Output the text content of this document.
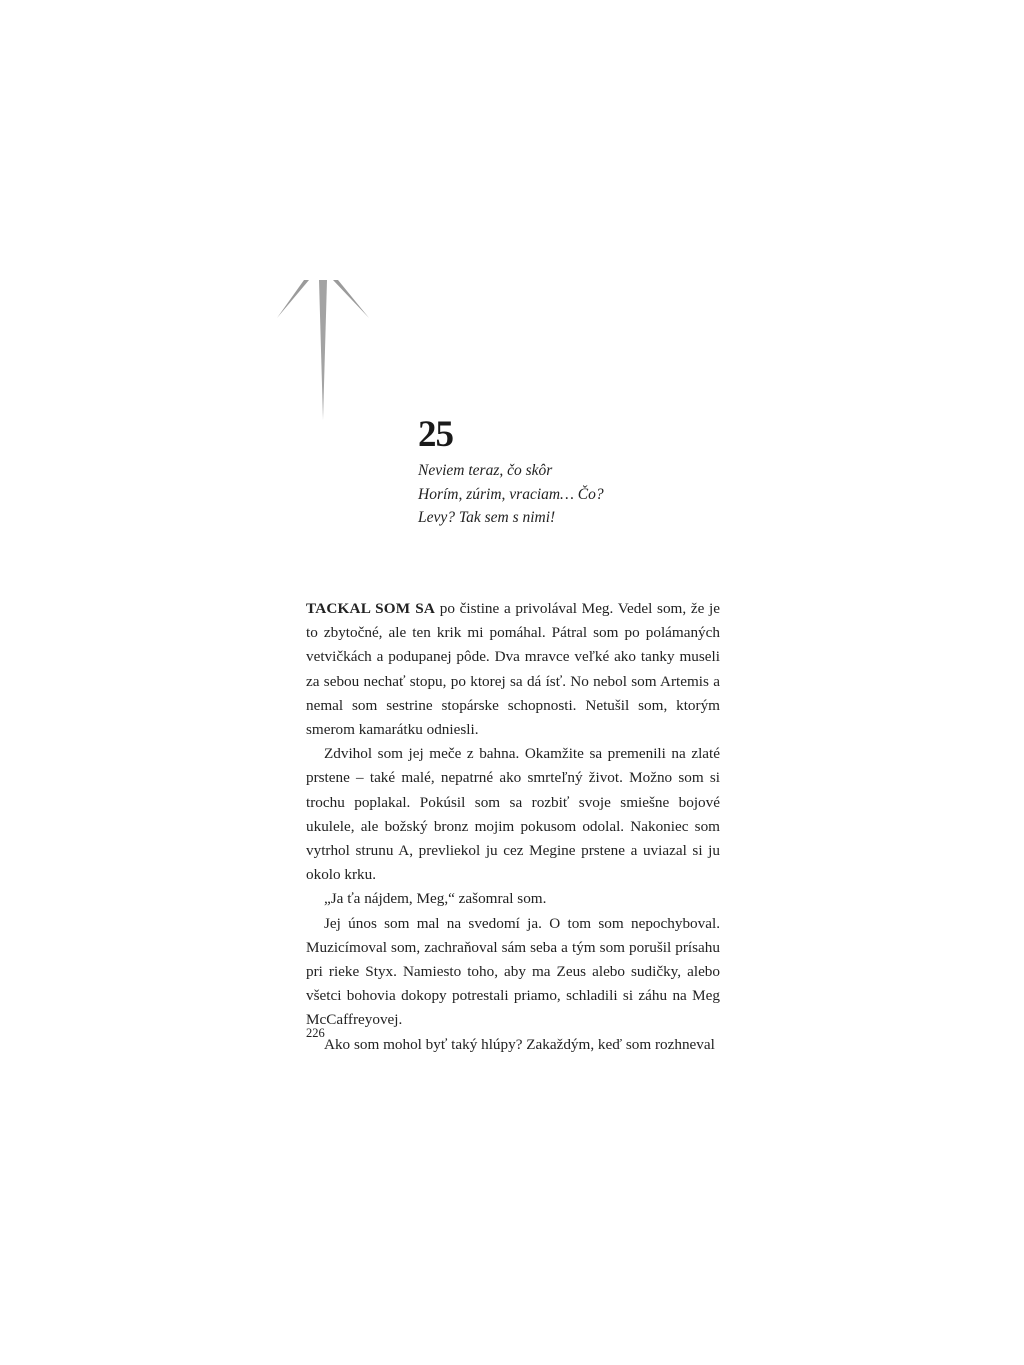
25
Neviem teraz, čo skôr
Horím, zúrim, vraciam… Čo?
Levy? Tak sem s nimi!

TACKAL SOM SA po čistine a privolával Meg. Vedel som, že je to zbytočné, ale ten krik mi pomáhal. Pátral som po polámaných vetvičkách a podupanej pôde. Dva mravce veľké ako tanky museli za sebou nechať stopu, po ktorej sa dá ísť. No nebol som Artemis a nemal som sestrine stopárske schopnosti. Netušil som, ktorým smerom kamarátku odniesli.

Zdvihol som jej meče z bahna. Okamžite sa premenili na zlaté prstene – také malé, nepatrné ako smrteľný život. Možno som si trochu poplakal. Pokúsil som sa rozbiť svoje smiešne bojové ukulele, ale božský bronz mojim pokusom odolal. Nakoniec som vytrhol strunu A, prevliekol ju cez Megine prstene a uviazal si ju okolo krku.

„Ja ťa nájdem, Meg,“ zašomral som.

Jej únos som mal na svedomí ja. O tom som nepochyboval. Muzicímoval som, zachraňoval sám seba a tým som porušil prísahu pri rieke Styx. Namiesto toho, aby ma Zeus alebo sudičky, alebo všetci bohovia dokopy potrestali priamo, schladili si záhu na Meg McCaffreyovej.

Ako som mohol byť taký hlúpy? Zakaždým, keď som rozhneval

226
